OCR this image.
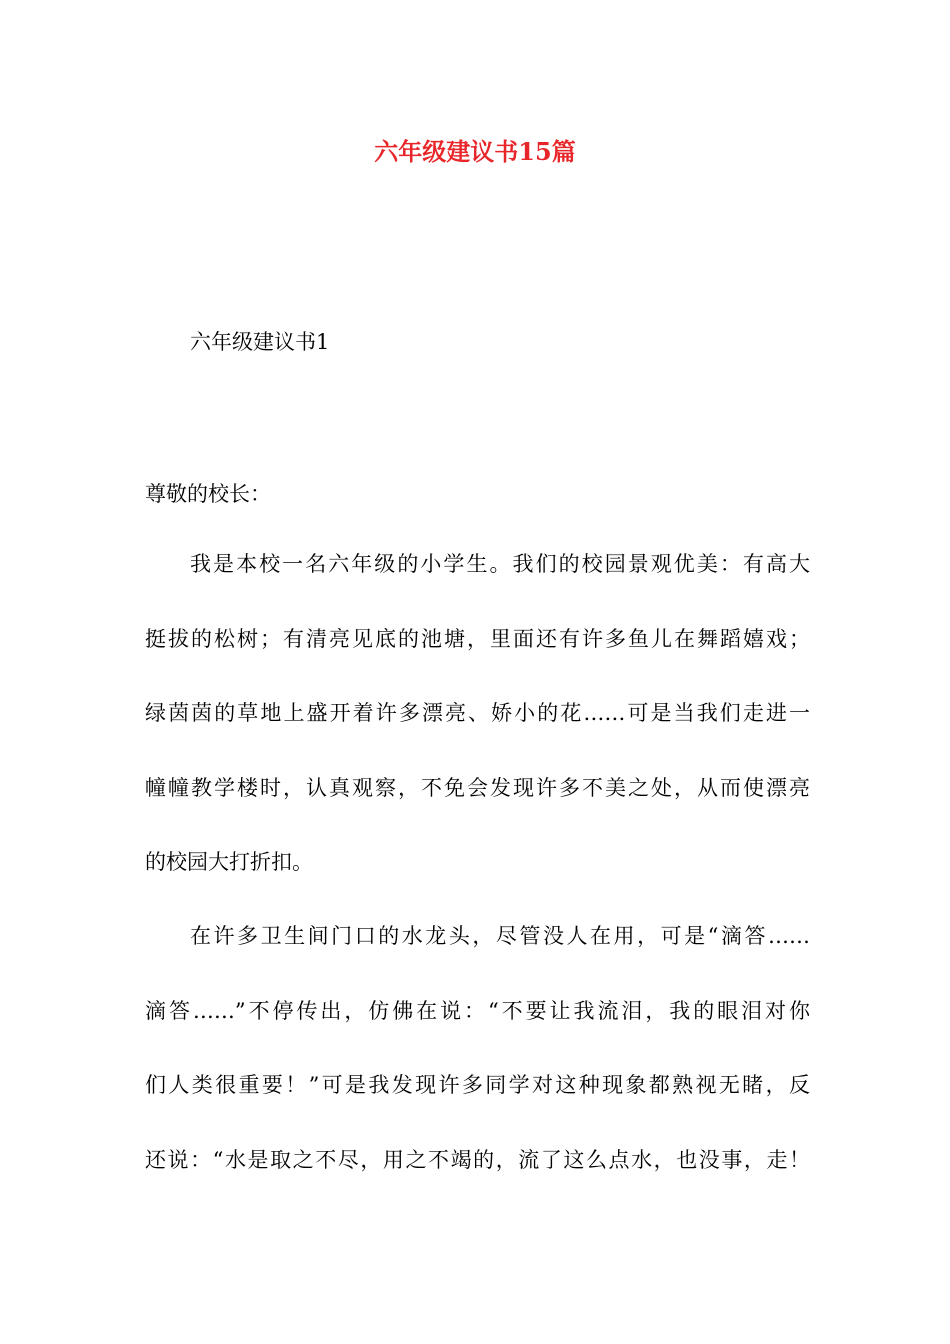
六年级建议书15篇
六年级建议书1
尊敬的校长：
我是本校一名六年级的小学生。我们的校园景观优美：有高大
挺拔的松树；有清亮见底的池塘，里面还有许多鱼儿在舞蹈嬉戏；
绿茵茵的草地上盛开着许多漂亮、娇小的花……可是当我们走进一
幢幢教学楼时，认真观察，不免会发现许多不美之处，从而使漂亮
的校园大打折扣。
在许多卫生间门口的水龙头，尽管没人在用，可是“滴答……
滴答……”不停传出，仿佛在说：“不要让我流泪，我的眼泪对你
们人类很重要！”可是我发现许多同学对这种现象都熟视无睹，反
还说：“水是取之不尽，用之不竭的，流了这么点水，也没事，走！
